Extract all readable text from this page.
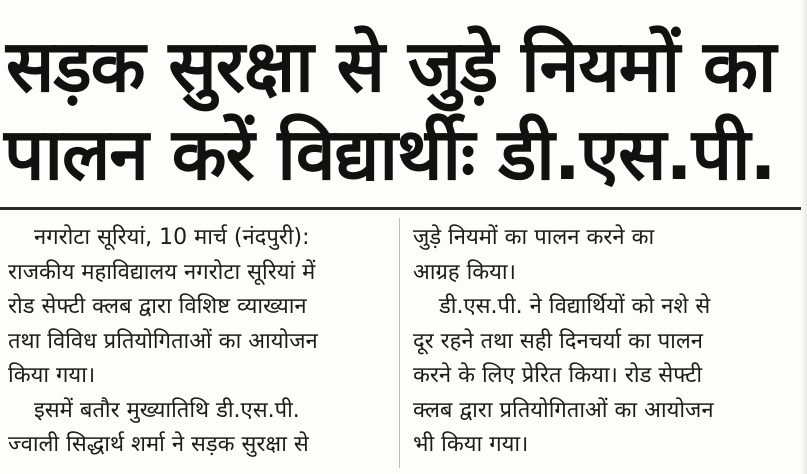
सड़क सुरक्षा से जुड़े नियमों का
पालन करें विद्यार्थीः डी.एस.पी.
नगरोटा सूरियां, 10 मार्च (नंदपुरी):
राजकीय महाविद्यालय नगरोटा सूरियां में
रोड सेफ्टी क्लब द्वारा विशिष्ट व्याख्यान
तथा विविध प्रतियोगिताओं का आयोजन
किया गया।
इसमें बतौर मुख्यातिथि डी.एस.पी.
ज्वाली सिद्धार्थ शर्मा ने सड़क सुरक्षा से
जुड़े नियमों का पालन करने का
आग्रह किया।
डी.एस.पी. ने विद्यार्थियों को नशे से
दूर रहने तथा सही दिनचर्या का पालन
करने के लिए प्रेरित किया। रोड सेफ्टी
क्लब द्वारा प्रतियोगिताओं का आयोजन
भी किया गया।
